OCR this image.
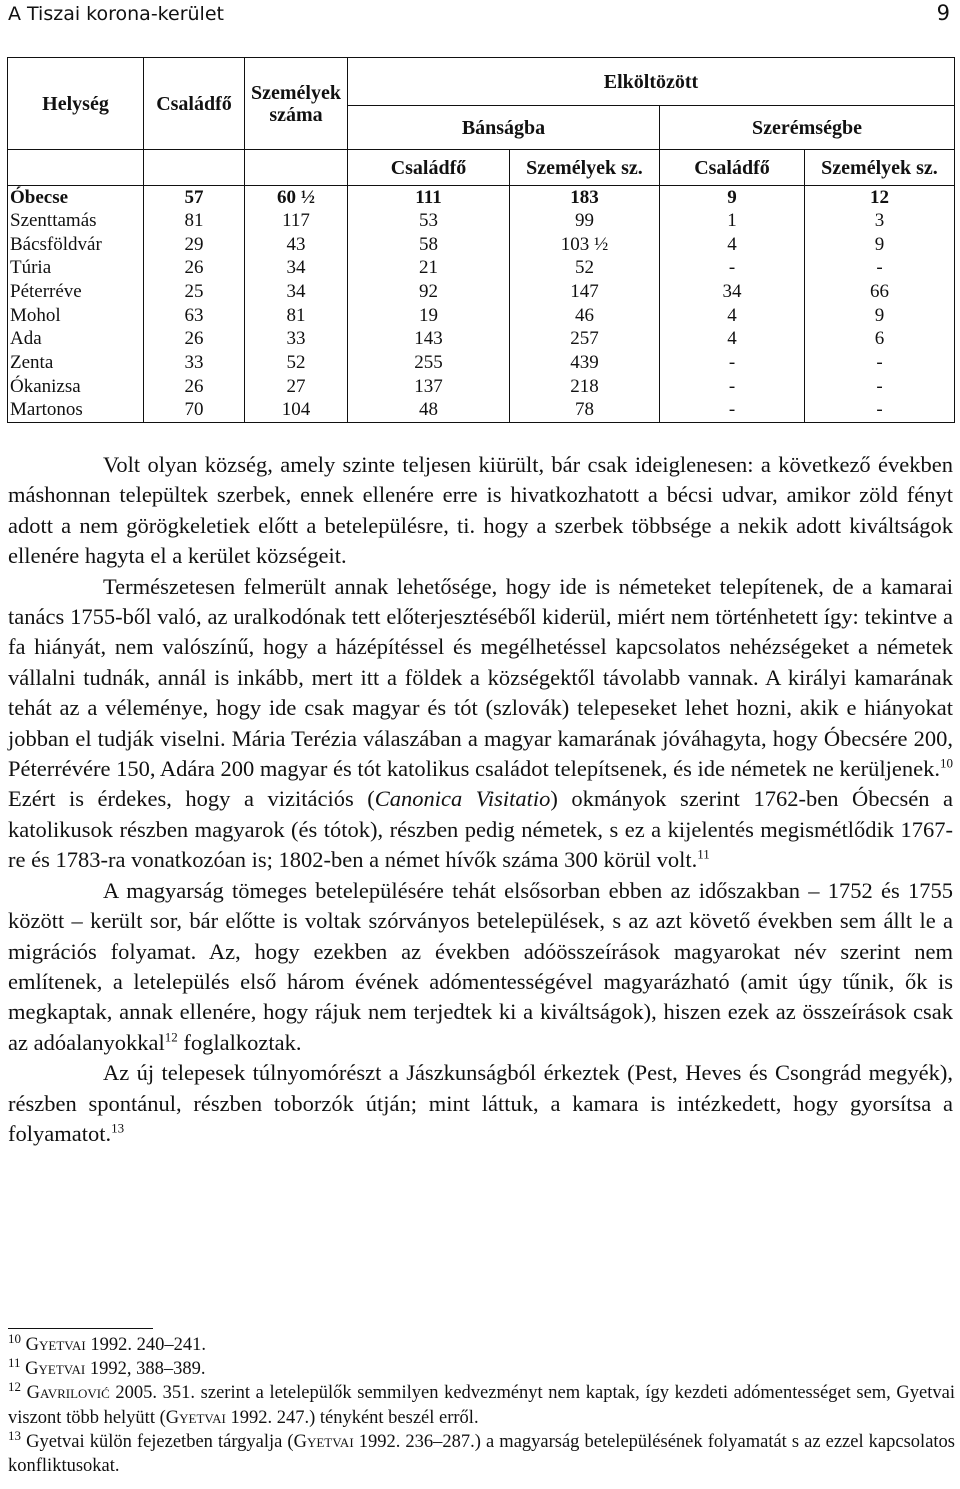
A Tiszai korona-kerület	9
Helység	Családfő	Személyek száma	Elköltözött			
			Bánságba		Szerémségbe	
			Családfő	Személyek sz.	Családfő	Személyek sz.
Óbecse	57	60 ½	111	183	9	12
Szenttamás	81	117	53	99	1	3
Bácsföldvár	29	43	58	103 ½	4	9
Túria	26	34	21	52	-	-
Péterréve	25	34	92	147	34	66
Mohol	63	81	19	46	4	9
Ada	26	33	143	257	4	6
Zenta	33	52	255	439	-	-
Ókanizsa	26	27	137	218	-	-
Martonos	70	104	48	78	-	-

Volt olyan község, amely szinte teljesen kiürült, bár csak ideiglenesen: a következő években máshonnan települtek szerbek, ennek ellenére erre is hivatkozhatott a bécsi udvar, amikor zöld fényt adott a nem görögkeletiek előtt a betelepülésre, ti. hogy a szerbek többsége a nekik adott kiváltságok ellenére hagyta el a kerület községeit.

Természetesen felmerült annak lehetősége, hogy ide is németeket telepítenek, de a kamarai tanács 1755-ből való, az uralkodónak tett előterjesztéséből kiderül, miért nem történhetett így: tekintve a fa hiányát, nem valószínű, hogy a házépítéssel és megélhetéssel kapcsolatos nehézségeket a németek vállalni tudnák, annál is inkább, mert itt a földek a községektől távolabb vannak. A királyi kamarának tehát az a véleménye, hogy ide csak magyar és tót (szlovák) telepeseket lehet hozni, akik e hiányokat jobban el tudják viselni. Mária Terézia válaszában a magyar kamarának jóváhagyta, hogy Óbecsére 200, Péterrévére 150, Adára 200 magyar és tót katolikus családot telepítsenek, és ide németek ne kerüljenek.$^{10}$ Ezért is érdekes, hogy a vizitációs (Canonica Visitatio) okmányok szerint 1762-ben Óbecsén a katolikusok részben magyarok (és tótok), részben pedig németek, s ez a kijelentés megismétlődik 1767-re és 1783-ra vonatkozóan is; 1802-ben a német hívők száma 300 körül volt.$^{11}$

A magyarság tömeges betelepülésére tehát elsősorban ebben az időszakban – 1752 és 1755 között – került sor, bár előtte is voltak szórványos betelepülések, s az azt követő években sem állt le a migrációs folyamat. Az, hogy ezekben az években adóösszeírások magyarokat név szerint nem említenek, a letelepülés első három évének adómentességével magyarázható (amit úgy tűnik, ők is megkaptak, annak ellenére, hogy rájuk nem terjedtek ki a kiváltságok), hiszen ezek az összeírások csak az adóalanyokkal$^{12}$ foglalkoztak.

Az új telepesek túlnyomórészt a Jászkunságból érkeztek (Pest, Heves és Csongrád megyék), részben spontánul, részben toborzók útján; mint láttuk, a kamara is intézkedett, hogy gyorsítsa a folyamatot.$^{13}$

$^{10}$ Gyetvai 1992. 240–241.

$^{11}$ Gyetvai 1992, 388–389.

$^{12}$ Gavrilović 2005. 351. szerint a letelepülők semmilyen kedvezményt nem kaptak, így kezdeti adómentességet sem, Gyetvai viszont több helyütt (Gyetvai 1992. 247.) tényként beszél erről.

$^{13}$ Gyetvai külön fejezetben tárgyalja (Gyetvai 1992. 236–287.) a magyarság betelepülésének folyamatát s az ezzel kapcsolatos konfliktusokat.
